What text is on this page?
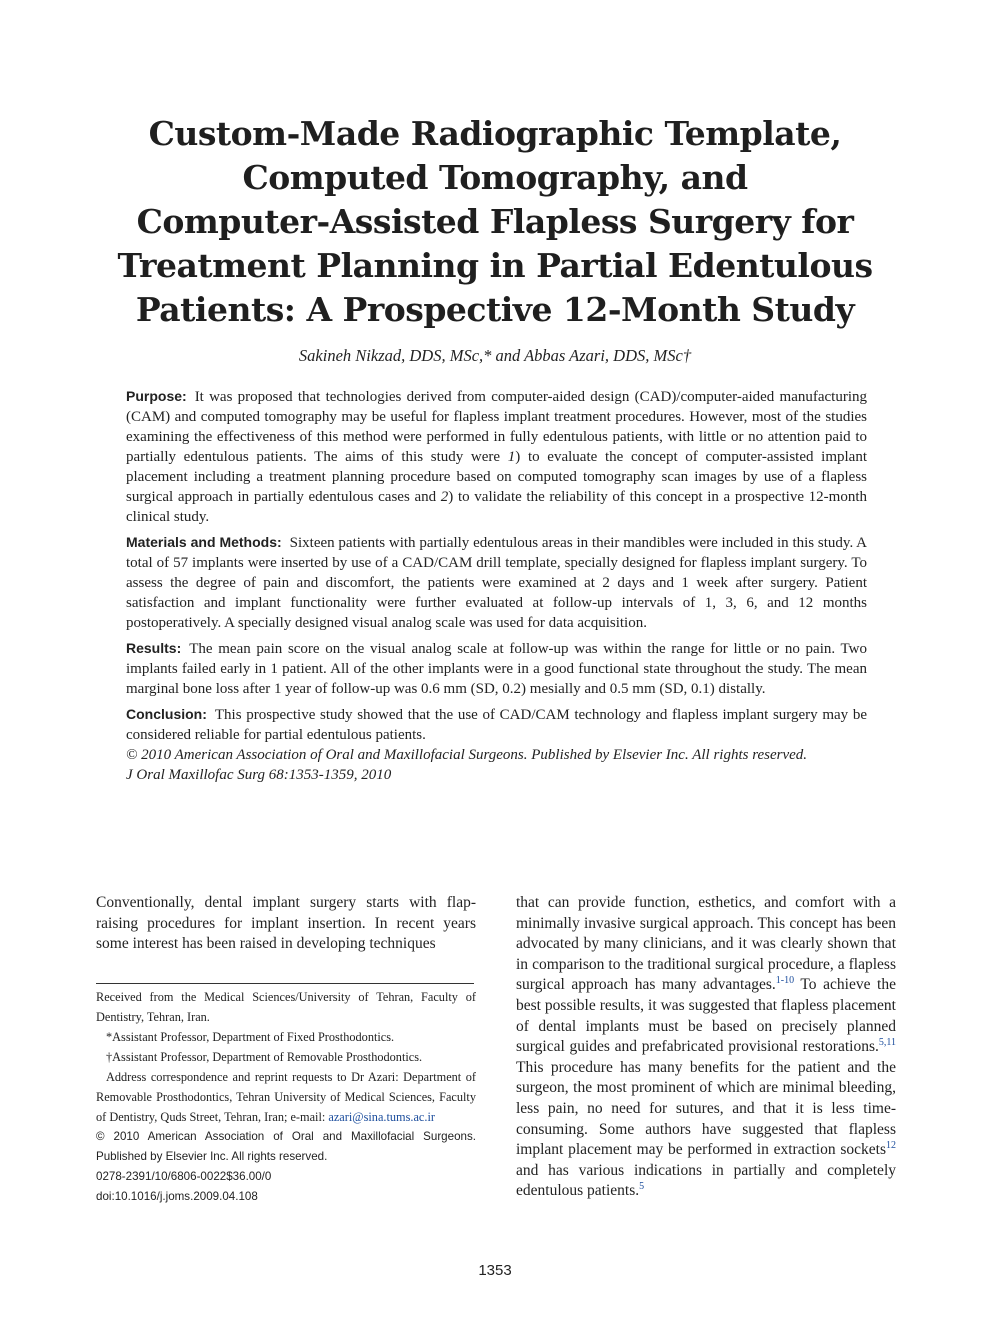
Custom-Made Radiographic Template,
Computed Tomography, and
Computer-Assisted Flapless Surgery for
Treatment Planning in Partial Edentulous
Patients: A Prospective 12-Month Study

Sakineh Nikzad, DDS, MSc,* and Abbas Azari, DDS, MSc†

Purpose: It was proposed that technologies derived from computer-aided design (CAD)/computer-aided manufacturing (CAM) and computed tomography may be useful for flapless implant treatment procedures. However, most of the studies examining the effectiveness of this method were performed in fully edentulous patients, with little or no attention paid to partially edentulous patients. The aims of this study were 1) to evaluate the concept of computer-assisted implant placement including a treatment planning procedure based on computed tomography scan images by use of a flapless surgical approach in partially edentulous cases and 2) to validate the reliability of this concept in a prospective 12-month clinical study.

Materials and Methods: Sixteen patients with partially edentulous areas in their mandibles were included in this study. A total of 57 implants were inserted by use of a CAD/CAM drill template, specially designed for flapless implant surgery. To assess the degree of pain and discomfort, the patients were examined at 2 days and 1 week after surgery. Patient satisfaction and implant functionality were further evaluated at follow-up intervals of 1, 3, 6, and 12 months postoperatively. A specially designed visual analog scale was used for data acquisition.

Results: The mean pain score on the visual analog scale at follow-up was within the range for little or no pain. Two implants failed early in 1 patient. All of the other implants were in a good functional state throughout the study. The mean marginal bone loss after 1 year of follow-up was 0.6 mm (SD, 0.2) mesially and 0.5 mm (SD, 0.1) distally.

Conclusion: This prospective study showed that the use of CAD/CAM technology and flapless implant surgery may be considered reliable for partial edentulous patients.

© 2010 American Association of Oral and Maxillofacial Surgeons. Published by Elsevier Inc. All rights reserved.

J Oral Maxillofac Surg 68:1353-1359, 2010

Conventionally, dental implant surgery starts with flap-raising procedures for implant insertion. In recent years some interest has been raised in developing techniques

Received from the Medical Sciences/University of Tehran, Faculty of Dentistry, Tehran, Iran.

*Assistant Professor, Department of Fixed Prosthodontics.

†Assistant Professor, Department of Removable Prosthodontics.

Address correspondence and reprint requests to Dr Azari: Department of Removable Prosthodontics, Tehran University of Medical Sciences, Faculty of Dentistry, Quds Street, Tehran, Iran; e-mail: azari@sina.tums.ac.ir

© 2010 American Association of Oral and Maxillofacial Surgeons. Published by Elsevier Inc. All rights reserved.

0278-2391/10/6806-0022$36.00/0

doi:10.1016/j.joms.2009.04.108

that can provide function, esthetics, and comfort with a minimally invasive surgical approach. This concept has been advocated by many clinicians, and it was clearly shown that in comparison to the traditional surgical procedure, a flapless surgical approach has many advantages.$^{1-10}$ To achieve the best possible results, it was suggested that flapless placement of dental implants must be based on precisely planned surgical guides and prefabricated provisional restorations.$^{5,11}$ This procedure has many benefits for the patient and the surgeon, the most prominent of which are minimal bleeding, less pain, no need for sutures, and that it is less time-consuming. Some authors have suggested that flapless implant placement may be performed in extraction sockets$^{12}$ and has various indications in partially and completely edentulous patients.$^5$

1353
